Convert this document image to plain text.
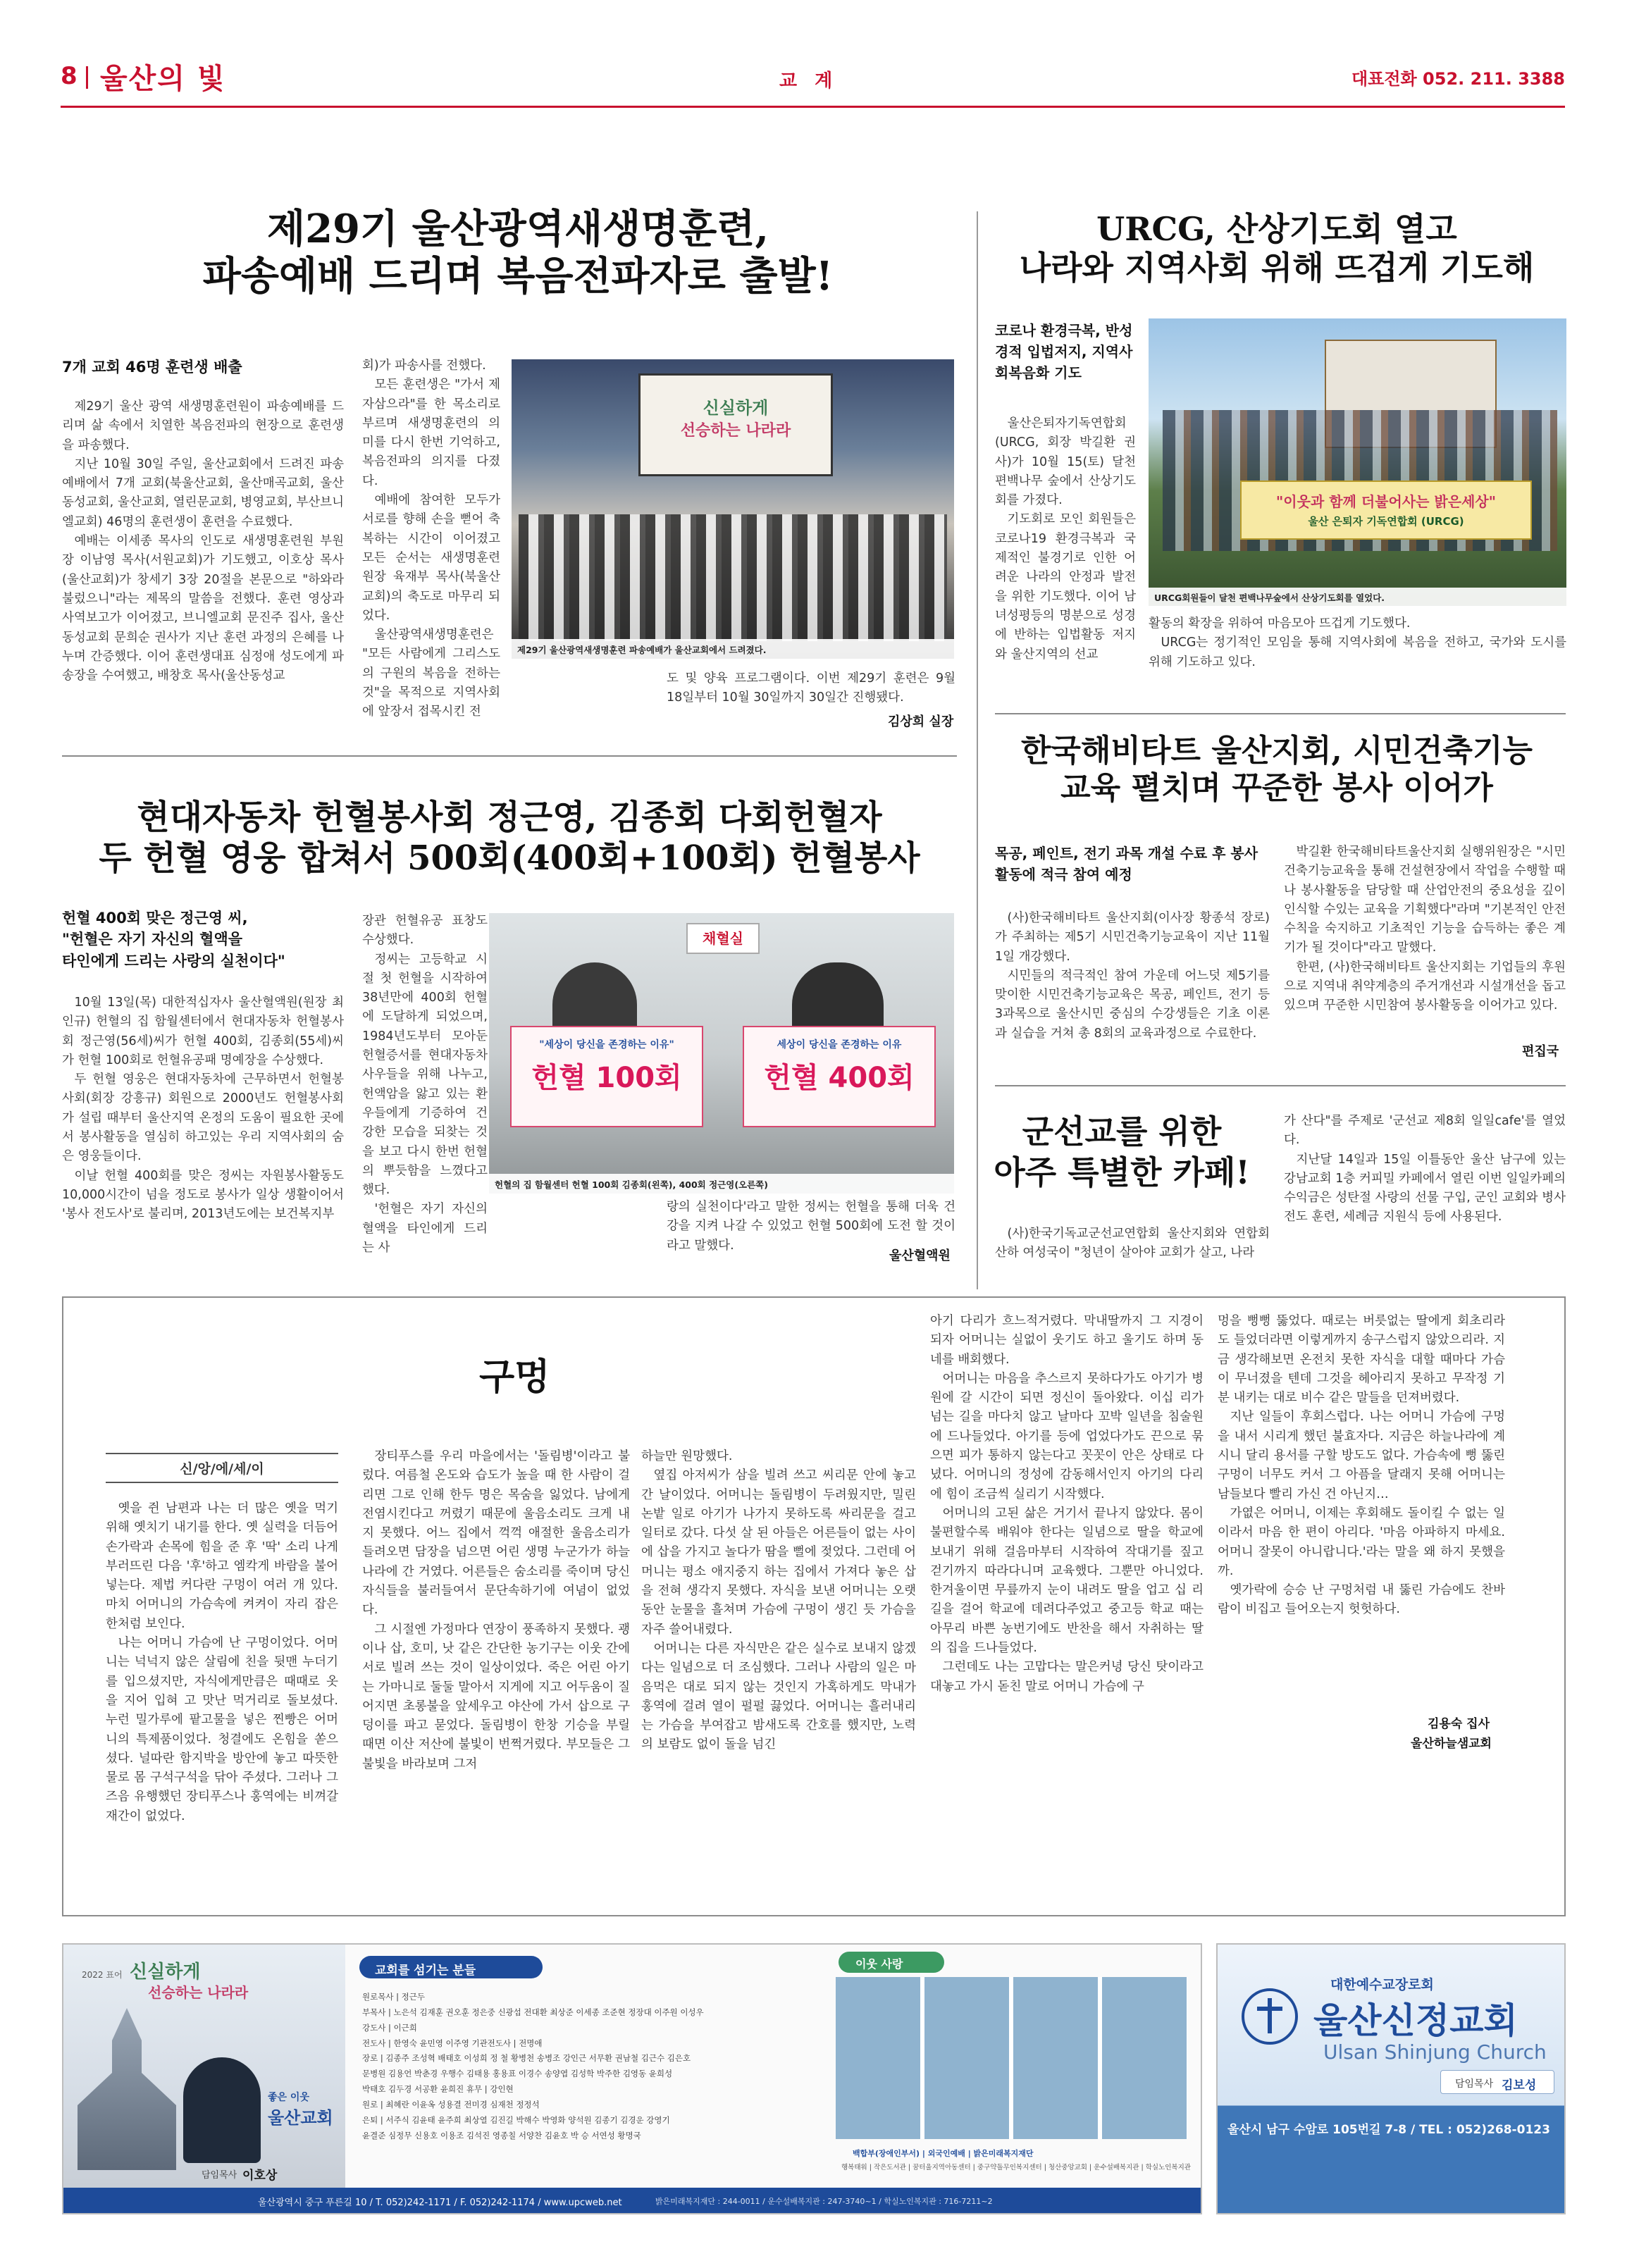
8 울산의 빛	교 계	대표전화 052. 211. 3388
제29기 울산광역새생명훈련,
파송예배 드리며 복음전파자로 출발!
7개 교회 46명 훈련생 배출

제29기 울산 광역 새생명훈련원이 파송예배를 드리며 삶 속에서 치열한 복음전파의 현장으로 훈련생을 파송했다.

지난 10월 30일 주일, 울산교회에서 드려진 파송예배에서 7개 교회(북울산교회, 울산매곡교회, 울산동성교회, 울산교회, 열린문교회, 병영교회, 부산브니엘교회) 46명의 훈련생이 훈련을 수료했다.

예배는 이세종 목사의 인도로 새생명훈련원 부원장 이남영 목사(서원교회)가 기도했고, 이호상 목사(울산교회)가 창세기 3장 20절을 본문으로 "하와라 불렀으니"라는 제목의 말씀을 전했다. 훈련 영상과 사역보고가 이어졌고, 브니엘교회 문진주 집사, 울산동성교회 문희순 권사가 지난 훈련 과정의 은혜를 나누며 간증했다. 이어 훈련생대표 심정애 성도에게 파송장을 수여했고, 배창호 목사(울산동성교

회)가 파송사를 전했다.

모든 훈련생은 "가서 제자삼으라"를 한 목소리로 부르며 새생명훈련의 의미를 다시 한번 기억하고, 복음전파의 의지를 다졌다.

예배에 참여한 모두가 서로를 향해 손을 뻗어 축복하는 시간이 이어졌고 모든 순서는 새생명훈련원장 육재부 목사(북울산교회)의 축도로 마무리 되었다.

울산광역새생명훈련은 "모든 사람에게 그리스도의 구원의 복음을 전하는 것"을 목적으로 지역사회에 앞장서 접목시킨 전

신실하게
선승하는 나라라
제29기 울산광역새생명훈련 파송예배가 울산교회에서 드려졌다.
도 및 양육 프로그램이다. 이번 제29기 훈련은 9월 18일부터 10월 30일까지 30일간 진행됐다.
김상희 실장
URCG, 산상기도회 열고
나라와 지역사회 위해 뜨겁게 기도해
코로나 환경극복, 반성경적 입법저지, 지역사회복음화 기도

울산은퇴자기독연합회(URCG, 회장 박길환 권사)가 10월 15(토) 달천 편백나무 숲에서 산상기도회를 가졌다.

기도회로 모인 회원들은 코로나19 환경극복과 국제적인 불경기로 인한 어려운 나라의 안정과 발전을 위한 기도했다. 이어 남녀성평등의 명분으로 성경에 반하는 입법활동 저지와 울산지역의 선교

"이웃과 함께 더불어사는 밝은세상"
울산 은퇴자 기독연합회 (URCG)
URCG회원들이 달천 편백나무숲에서 산상기도회를 열었다.

활동의 확장을 위하여 마음모아 뜨겁게 기도했다.

URCG는 정기적인 모임을 통해 지역사회에 복음을 전하고, 국가와 도시를 위해 기도하고 있다.

한국해비타트 울산지회, 시민건축기능
교육 펼치며 꾸준한 봉사 이어가
목공, 페인트, 전기 과목 개설 수료 후 봉사활동에 적극 참여 예정

(사)한국해비타트 울산지회(이사장 황종석 장로)가 주최하는 제5기 시민건축기능교육이 지난 11월 1일 개강했다.

시민들의 적극적인 참여 가운데 어느덧 제5기를 맞이한 시민건축기능교육은 목공, 페인트, 전기 등 3과목으로 울산시민 중심의 수강생들은 기초 이론과 실습을 거쳐 총 8회의 교육과정으로 수료한다.

박길환 한국해비타트울산지회 실행위원장은 "시민건축기능교육을 통해 건설현장에서 작업을 수행할 때나 봉사활동을 담당할 때 산업안전의 중요성을 깊이 인식할 수있는 교육을 기획했다"라며 "기본적인 안전수칙을 숙지하고 기초적인 기능을 습득하는 좋은 계기가 될 것이다"라고 말했다.

한편, (사)한국해비타트 울산지회는 기업들의 후원으로 지역내 취약계층의 주거개선과 시설개선을 돕고 있으며 꾸준한 시민참여 봉사활동을 이어가고 있다.

편집국
현대자동차 헌혈봉사회 정근영, 김종회 다회헌혈자
두 헌혈 영웅 합쳐서 500회(400회+100회) 헌혈봉사
헌혈 400회 맞은 정근영 씨,
"헌혈은 자기 자신의 혈액을
타인에게 드리는 사랑의 실천이다"

10월 13일(목) 대한적십자사 울산혈액원(원장 최인규) 헌혈의 집 함월센터에서 현대자동차 헌혈봉사회 정근영(56세)씨가 헌혈 400회, 김종회(55세)씨가 헌혈 100회로 헌혈유공패 명예장을 수상했다.

두 헌혈 영웅은 현대자동차에 근무하면서 헌혈봉사회(회장 강흥규) 회원으로 2000년도 헌혈봉사회가 설립 때부터 울산지역 온정의 도움이 필요한 곳에서 봉사활동을 열심히 하고있는 우리 지역사회의 숨은 영웅들이다.

이날 헌혈 400회를 맞은 정씨는 자원봉사활동도 10,000시간이 넘을 정도로 봉사가 일상 생활이어서 '봉사 전도사'로 불리며, 2013년도에는 보건복지부

장관 헌혈유공 표창도 수상했다.

정씨는 고등학교 시절 첫 헌혈을 시작하여 38년만에 400회 헌혈에 도달하게 되었으며, 1984년도부터 모아둔 헌혈증서를 현대자동차 사우들을 위해 나누고, 헌액암을 앓고 있는 환우들에게 기증하여 건강한 모습을 되찾는 것을 보고 다시 한번 헌혈의 뿌듯함을 느꼈다고 했다.

'헌혈은 자기 자신의 혈액을 타인에게 드리는 사

채혈실
"세상이 당신을 존경하는 이유"
헌혈 100회
세상이 당신을 존경하는 이유
헌혈 400회
헌혈의 집 함월센터 헌혈 100회 김종회(왼쪽), 400회 정근영(오른쪽)
랑의 실천이다'라고 말한 정씨는 헌혈을 통해 더욱 건강을 지켜 나갈 수 있었고 헌혈 500회에 도전 할 것이라고 말했다.
울산혈액원
군선교를 위한
아주 특별한 카페!

(사)한국기독교군선교연합회 울산지회와 연합회 산하 여성국이 "청년이 살아야 교회가 살고, 나라

가 산다"를 주제로 '군선교 제8회 일일cafe'를 열었다.

지난달 14일과 15일 이틀동안 울산 남구에 있는 강남교회 1층 커피밀 카페에서 열린 이번 일일카페의 수익금은 성탄절 사랑의 선물 구입, 군인 교회와 병사 전도 훈련, 세례금 지원식 등에 사용된다.

구멍
신/앙/에/세/이

옛을 쥔 남편과 나는 더 많은 옛을 먹기 위해 옛치기 내기를 한다. 옛 실력을 더듬어 손가락과 손목에 힘을 준 후 '딱' 소리 나게 부러뜨린 다음 '후'하고 엠칵게 바람을 불어 넣는다. 제법 커다란 구멍이 여러 개 있다. 마치 어머니의 가슴속에 켜켜이 자리 잡은 한처럼 보인다.

나는 어머니 가슴에 난 구멍이었다. 어머니는 넉넉지 않은 살림에 친을 뒷맨 누더기를 입으셨지만, 자식에게만큼은 때때로 옷을 지어 입혀 고 맛난 먹거리로 돌보셨다. 누런 밀가루에 팥고물을 넣은 찐빵은 어머니의 특제품이었다. 청결에도 온힘을 쏟으셨다. 널따란 함지박을 방안에 놓고 따뜻한 물로 몸 구석구석을 닦아 주셨다. 그러나 그즈음 유행했던 장티푸스나 홍역에는 비껴갈 재간이 없었다.

장티푸스를 우리 마을에서는 '돌림병'이라고 불렀다. 여름철 온도와 습도가 높을 때 한 사람이 걸리면 그로 인해 한두 명은 목숨을 잃었다. 남에게 전염시킨다고 꺼렸기 때문에 울음소리도 크게 내지 못했다. 어느 집에서 꺽꺽 애절한 울음소리가 들려오면 담장을 넘으면 어린 생명 누군가가 하늘나라에 간 거였다. 어른들은 숨소리를 죽이며 당신 자식들을 불러들여서 문단속하기에 여념이 없었다.

그 시절엔 가정마다 연장이 풍족하지 못했다. 괭이나 삽, 호미, 낫 같은 간단한 농기구는 이웃 간에 서로 빌려 쓰는 것이 일상이었다. 죽은 어린 아기는 가마니로 둘둘 말아서 지게에 지고 어두움이 질어지면 초롱불을 앞세우고 야산에 가서 삽으로 구덩이를 파고 묻었다. 돌림병이 한창 기승을 부릴 때면 이산 저산에 불빛이 번쩍거렸다. 부모들은 그 불빛을 바라보며 그저

하늘만 원망했다.

옆집 아저씨가 삼을 빌려 쓰고 씨리문 안에 놓고 간 날이었다. 어머니는 돌림병이 두려웠지만, 밀린 논밭 일로 아기가 나가지 못하도록 싸리문을 걸고 일터로 갔다. 다섯 살 된 아들은 어른들이 없는 사이에 삽을 가지고 놀다가 땀을 뻘에 젖었다. 그런데 어머니는 평소 애지중지 하는 집에서 가져다 놓은 삽을 전혀 생각지 못했다. 자식을 보낸 어머니는 오랫동안 눈물을 흘쳐며 가슴에 구멍이 생긴 듯 가슴을 자주 쓸어내렸다.

어머니는 다른 자식만은 같은 실수로 보내지 않겠다는 일념으로 더 조심했다. 그러나 사람의 일은 마음먹은 대로 되지 않는 것인지 가혹하게도 막내가 홍역에 걸려 열이 펄펄 끓었다. 어머니는 흘러내리는 가슴을 부여잡고 밤새도록 간호를 했지만, 노력의 보람도 없이 돌을 넘긴

아기 다리가 흐느적거렸다. 막내딸까지 그 지경이 되자 어머니는 실없이 웃기도 하고 울기도 하며 동네를 배회했다.

어머니는 마음을 추스르지 못하다가도 아기가 병원에 갈 시간이 되면 정신이 돌아왔다. 이십 리가 넘는 길을 마다치 않고 날마다 꼬박 일년을 침술원에 드나들었다. 아기를 등에 업었다가도 끈으로 묶으면 피가 통하지 않는다고 꼿꼿이 안은 상태로 다녔다. 어머니의 정성에 감동해서인지 아기의 다리에 힘이 조금씩 실리기 시작했다.

어머니의 고된 삶은 거기서 끝나지 않았다. 몸이 불편할수록 배워야 한다는 일념으로 딸을 학교에 보내기 위해 걸음마부터 시작하여 작대기를 짚고 걷기까지 따라다니며 교육했다. 그뿐만 아니었다. 한겨울이면 무릎까지 눈이 내려도 딸을 업고 십 리 길을 걸어 학교에 데려다주었고 중고등 학교 때는 아무리 바쁜 농번기에도 반찬을 해서 자취하는 딸의 집을 드나들었다.

그런데도 나는 고맙다는 말은커녕 당신 탓이라고 대놓고 가시 돋친 말로 어머니 가슴에 구

멍을 뻥뻥 뚫었다. 때로는 버릇없는 딸에게 회초리라도 들었더라면 이렇게까지 송구스럽지 않았으리라. 지금 생각해보면 온전치 못한 자식을 대할 때마다 가슴이 무너졌을 텐데 그것을 헤아리지 못하고 무작정 기분 내키는 대로 비수 같은 말들을 던져버렸다.

지난 일들이 후회스럽다. 나는 어머니 가슴에 구멍을 내서 시리게 했던 불효자다. 지금은 하늘나라에 계시니 달리 용서를 구할 방도도 없다. 가슴속에 뻥 뚫린 구멍이 너무도 커서 그 아픔을 달래지 못해 어머니는 남들보다 빨리 가신 건 아닌지…

가엾은 어머니, 이제는 후회해도 돌이킬 수 없는 일이라서 마음 한 편이 아리다. '마음 아파하지 마세요. 어머니 잘못이 아니랍니다.'라는 말을 왜 하지 못했을까.

옛가락에 승승 난 구멍처럼 내 뚫린 가슴에도 찬바람이 비집고 들어오는지 헛헛하다.

김용숙 집사
울산하늘샘교회
2022 표어 신실하게
선승하는 나라라
좋은 이웃
울산교회
담임목사 이호상
교회를 섬기는 분들
원로목사 | 정근두
부목사 | 노은석 김재훈 권오훈 정은중 신광섭 전대환 최상준 이세종 조준현 정장대 이주원 이성우
강도사 | 이근희
전도사 | 한영숙 윤민영 이주영 기관전도사 | 전명애
장로 | 김종주 조성혁 배태호 이성희 정 철 황병천 송병조 강인근 서무환 권남철 김근수 김은호
문병원 김용언 박춘경 우행수 김태용 홍용표 이경수 송양엽 김성학 박주한 김영동 윤희성
박태호 김두경 서공환 윤희진 휴무 | 강인현
원로 | 최혜란 이윤옥 성용결 전미경 심재천 정정석
은퇴 | 서주식 김윤태 윤주희 최상열 김진길 박해수 박영화 양석원 김종기 김경운 강영기
윤결준 심정무 신용호 이용조 김석진 영종칠 서양찬 김윤호 박 승 서연성 황명국
이웃 사랑
백합부(장애인부서) | 외국인예배 | 밝은미래복지재단
행복태워 | 작은도서관 | 꿈터울지역아동센터 | 중구약돌무인복지센터 | 청산중앙교회 | 운수설배복지관 | 학실노인복지관
울산광역시 중구 푸른길 10 / T. 052)242-1171 / F. 052)242-1174 / www.upcweb.net	밝은미래복지재단 : 244-0011 / 운수설배복지관 : 247-3740~1 / 학실노인복지관 : 716-7211~2
대한예수교장로회
울산신정교회
Ulsan Shinjung Church
담임목사 김보성
울산시 남구 수암로 105번길 7-8 / TEL : 052)268-0123
